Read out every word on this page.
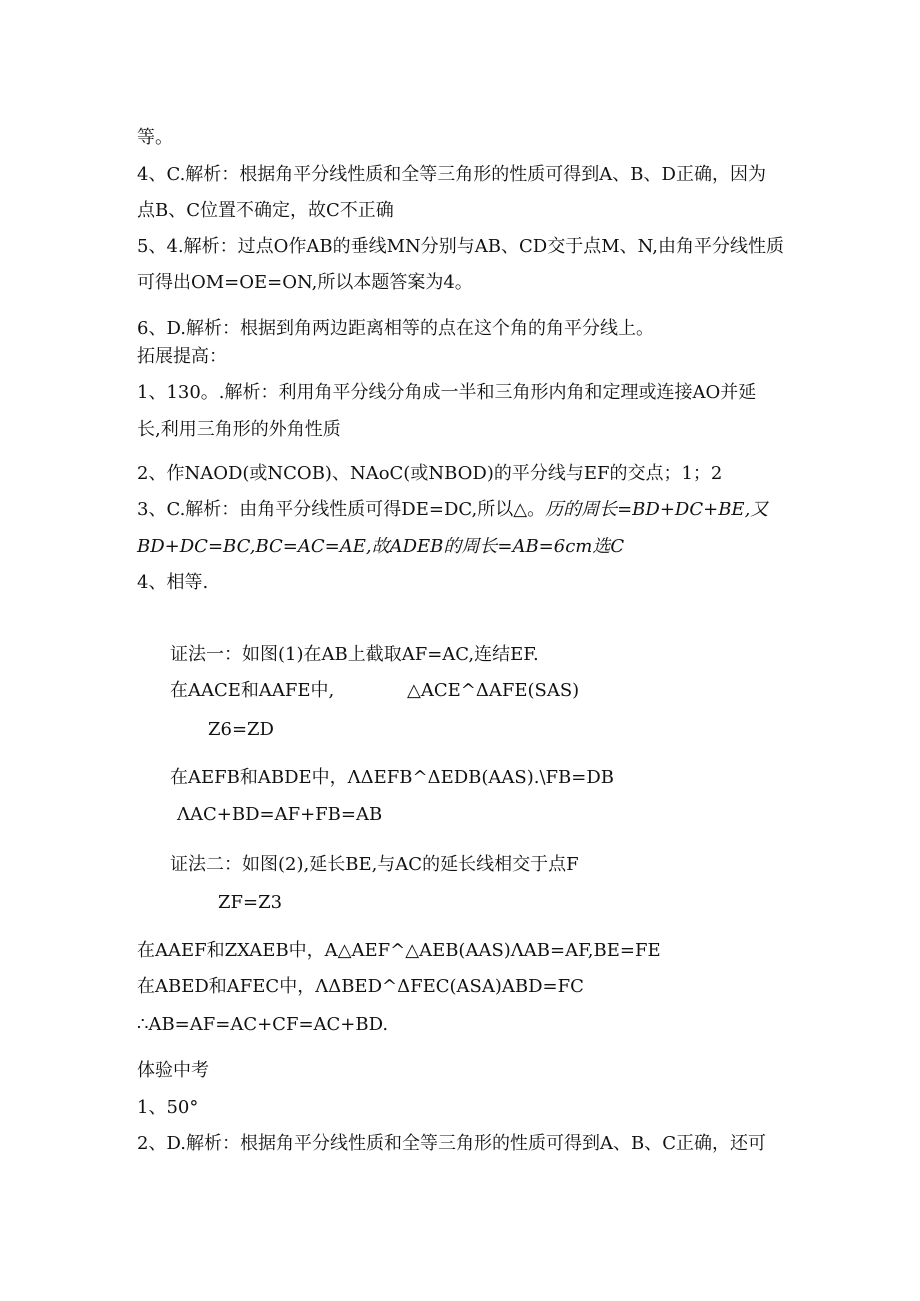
等。
4、C.解析：根据角平分线性质和全等三角形的性质可得到A、B、D正确，因为
点B、C位置不确定，故C不正确
5、4.解析：过点O作AB的垂线MN分别与AB、CD交于点M、N,由角平分线性质
可得出OM=OE=ON,所以本题答案为4。
6、D.解析：根据到角两边距离相等的点在这个角的角平分线上。
拓展提高：
1、130。.解析：利用角平分线分角成一半和三角形内角和定理或连接AO并延
长,利用三角形的外角性质
2、作NAOD(或NCOB)、NAoC(或NBOD)的平分线与EF的交点；1；2
3、C.解析：由角平分线性质可得DE=DC,所以△。历的周长=BD+DC+BE,又
BD+DC=BC,BC=AC=AE,故ADEB的周长=AB=6cm选C
4、相等.
证法一：如图(1)在AB上截取AF=AC,连结EF.
在AACE和AAFE中,	△ACE^ΔAFE(SAS)
Z6=ZD
在AEFB和ABDE中，ΛΔEFB^ΔEDB(AAS).\FB=DB
ΛAC+BD=AF+FB=AB
证法二：如图(2),延长BE,与AC的延长线相交于点F
ZF=Z3
在AAEF和ZXAEB中，A△AEF^△AEB(AAS)ΛAB=AF,BE=FE
在ABED和AFEC中，ΛΔBED^ΔFEC(ASA)ABD=FC
∴AB=AF=AC+CF=AC+BD.
体验中考
1、50°
2、D.解析：根据角平分线性质和全等三角形的性质可得到A、B、C正确，还可
